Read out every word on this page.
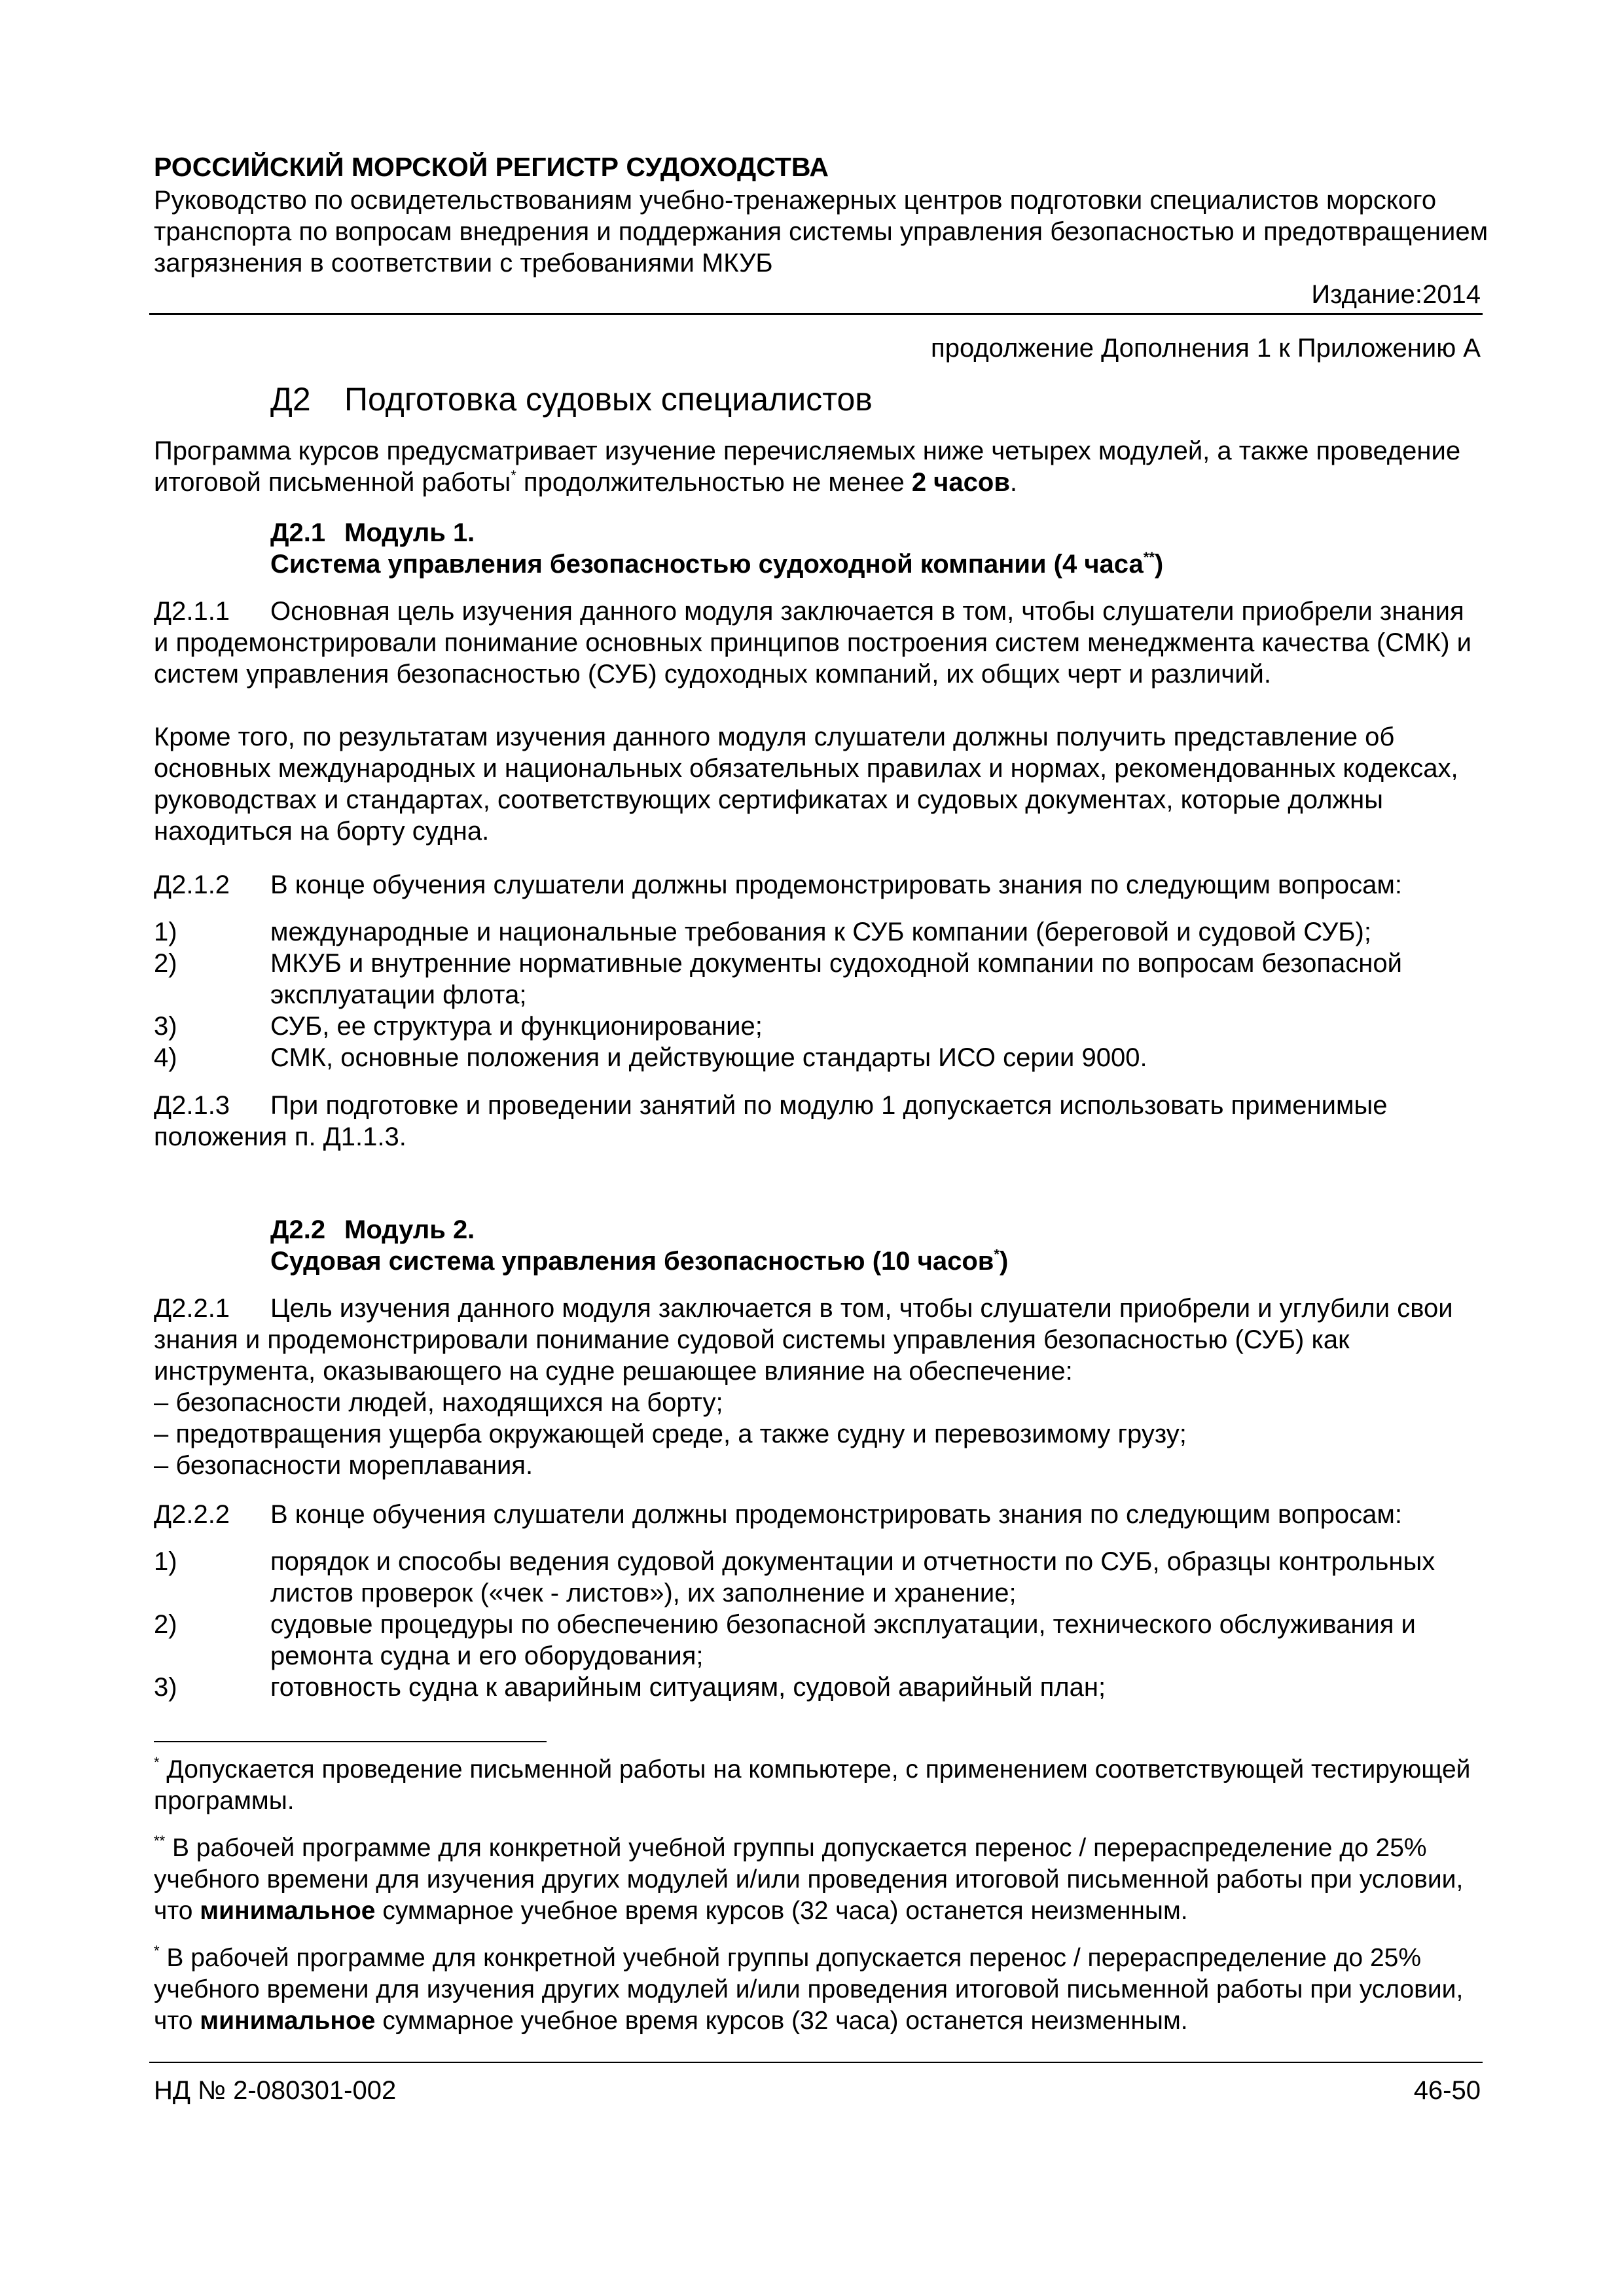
РОССИЙСКИЙ МОРСКОЙ РЕГИСТР СУДОХОДСТВА
Руководство по освидетельствованиям учебно-тренажерных центров подготовки специалистов морского транспорта по вопросам внедрения и поддержания системы управления безопасностью и предотвращением загрязнения в соответствии с требованиями МКУБ
Издание:2014
продолжение Дополнения 1 к Приложению А
Д2 Подготовка судовых специалистов
Программа курсов предусматривает изучение перечисляемых ниже четырех модулей, а также проведение итоговой письменной работы* продолжительностью не менее 2 часов.
Д2.1 Модуль 1.
Система управления безопасностью судоходной компании (4 часа**)
Д2.1.1 Основная цель изучения данного модуля заключается в том, чтобы слушатели приобрели знания и продемонстрировали понимание основных принципов построения систем менеджмента качества (СМК) и систем управления безопасностью (СУБ) судоходных компаний, их общих черт и различий.
Кроме того, по результатам изучения данного модуля слушатели должны получить представление об основных международных и национальных обязательных правилах и нормах, рекомендованных кодексах, руководствах и стандартах, соответствующих сертификатах и судовых документах, которые должны находиться на борту судна.
Д2.1.2 В конце обучения слушатели должны продемонстрировать знания по следующим вопросам:
1)	международные и национальные требования к СУБ компании (береговой и судовой СУБ);
2)	МКУБ и внутренние нормативные документы судоходной компании по вопросам безопасной эксплуатации флота;
3)	СУБ, ее структура и функционирование;
4)	СМК, основные положения и действующие стандарты ИСО серии 9000.
Д2.1.3 При подготовке и проведении занятий по модулю 1 допускается использовать применимые положения п. Д1.1.3.
Д2.2 Модуль 2.
Судовая система управления безопасностью (10 часов*)
Д2.2.1 Цель изучения данного модуля заключается в том, чтобы слушатели приобрели и углубили свои знания и продемонстрировали понимание судовой системы управления безопасностью (СУБ) как инструмента, оказывающего на судне решающее влияние на обеспечение:
– безопасности людей, находящихся на борту;
– предотвращения ущерба окружающей среде, а также судну и перевозимому грузу;
– безопасности мореплавания.
Д2.2.2 В конце обучения слушатели должны продемонстрировать знания по следующим вопросам:
1)	порядок и способы ведения судовой документации и отчетности по СУБ, образцы контрольных листов проверок («чек - листов»), их заполнение и хранение;
2)	судовые процедуры по обеспечению безопасной эксплуатации, технического обслуживания и ремонта судна и его оборудования;
3)	готовность судна к аварийным ситуациям, судовой аварийный план;
* Допускается проведение письменной работы на компьютере, с применением соответствующей тестирующей программы.
** В рабочей программе для конкретной учебной группы допускается перенос / перераспределение до 25% учебного времени для изучения других модулей и/или проведения итоговой письменной работы при условии, что минимальное суммарное учебное время курсов (32 часа) останется неизменным.
* В рабочей программе для конкретной учебной группы допускается перенос / перераспределение до 25% учебного времени для изучения других модулей и/или проведения итоговой письменной работы при условии, что минимальное суммарное учебное время курсов (32 часа) останется неизменным.
НД № 2-080301-002	46-50
